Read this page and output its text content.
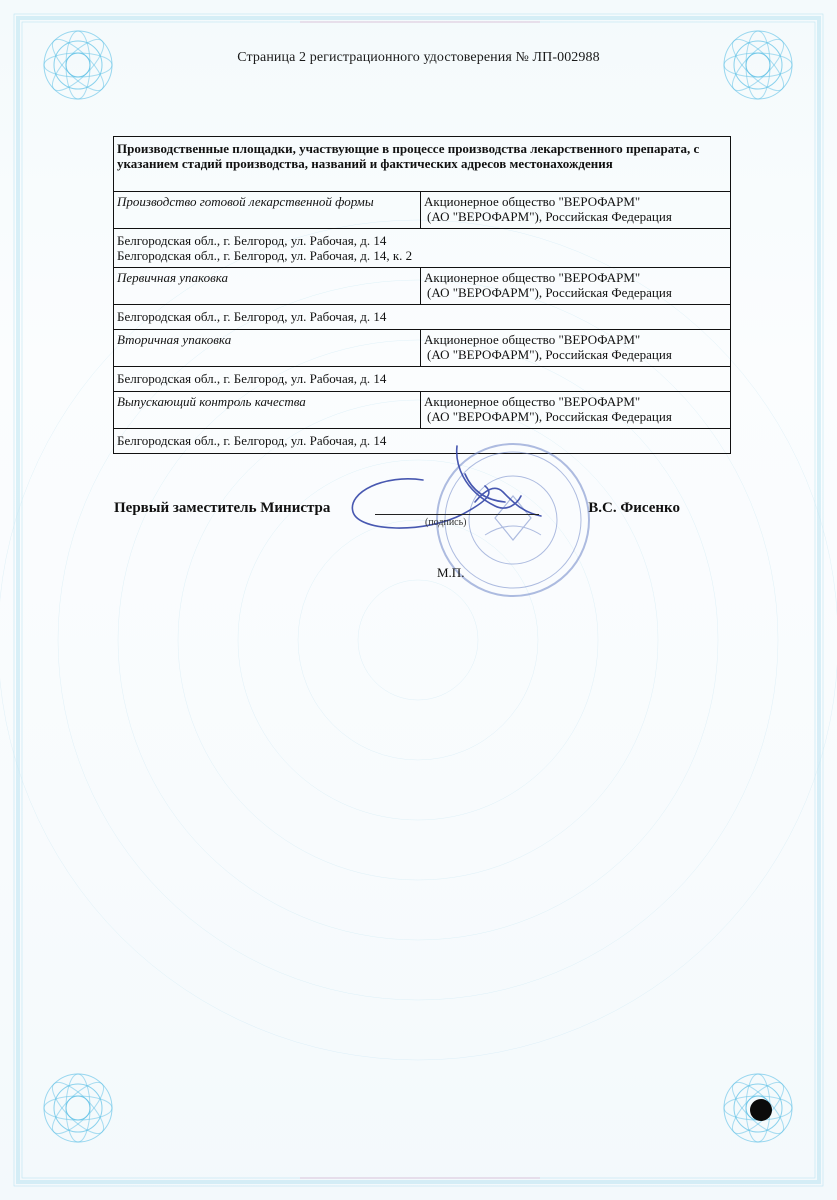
Страница 2 регистрационного удостоверения № ЛП-002988
Производственные площадки, участвующие в процессе производства лекарственного препарата, с указанием стадий производства, названий и фактических адресов местонахождения	
Производство готовой лекарственной формы	Акционерное общество "ВЕРОФАРМ"
(АО "ВЕРОФАРМ"), Российская Федерация

Белгородская обл., г. Белгород, ул. Рабочая, д. 14
Белгородская обл., г. Белгород, ул. Рабочая, д. 14, к. 2	

Первичная упаковка	Акционерное общество "ВЕРОФАРМ"
(АО "ВЕРОФАРМ"), Российская Федерация

Белгородская обл., г. Белгород, ул. Рабочая, д. 14	

Вторичная упаковка	Акционерное общество "ВЕРОФАРМ"
(АО "ВЕРОФАРМ"), Российская Федерация

Белгородская обл., г. Белгород, ул. Рабочая, д. 14	

Выпускающий контроль качества	Акционерное общество "ВЕРОФАРМ"
(АО "ВЕРОФАРМ"), Российская Федерация

Белгородская обл., г. Белгород, ул. Рабочая, д. 14	
Первый заместитель Министра	В.С. Фисенко
(подпись)
М.П.
